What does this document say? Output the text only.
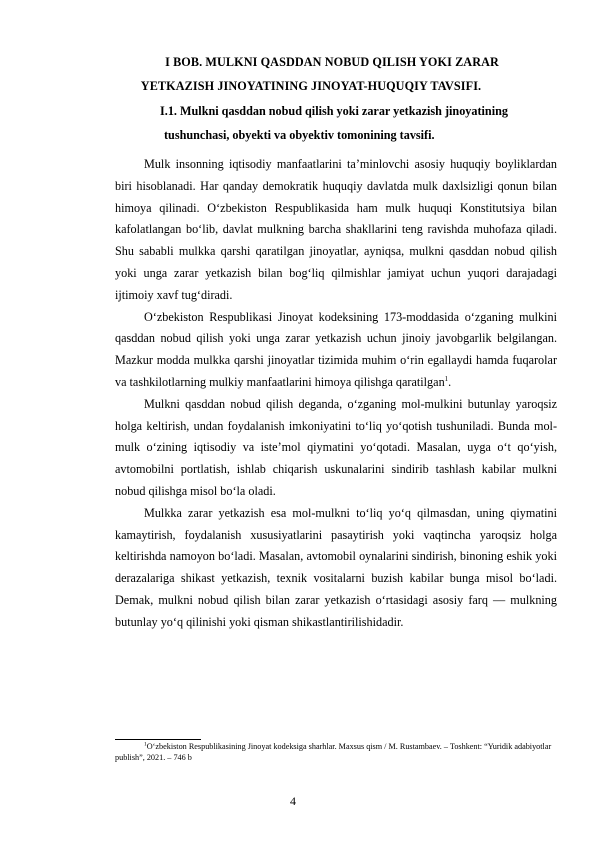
I BOB. MULKNI QASDDAN NOBUD QILISH YOKI ZARAR
YETKAZISH JINOYATINING JINOYAT-HUQUQIY TAVSIFI.
I.1. Mulkni qasddan nobud qilish yoki zarar yetkazish jinoyatining
tushunchasi, obyekti va obyektiv tomonining tavsifi.

Mulk insonning iqtisodiy manfaatlarini ta’minlovchi asosiy huquqiy boyliklardan biri hisoblanadi. Har qanday demokratik huquqiy davlatda mulk daxlsizligi qonun bilan himoya qilinadi. O‘zbekiston Respublikasida ham mulk huquqi Konstitutsiya bilan kafolatlangan bo‘lib, davlat mulkning barcha shakllarini teng ravishda muhofaza qiladi. Shu sababli mulkka qarshi qaratilgan jinoyatlar, ayniqsa, mulkni qasddan nobud qilish yoki unga zarar yetkazish bilan bog‘liq qilmishlar jamiyat uchun yuqori darajadagi ijtimoiy xavf tug‘diradi.

O‘zbekiston Respublikasi Jinoyat kodeksining 173-moddasida o‘zganing mulkini qasddan nobud qilish yoki unga zarar yetkazish uchun jinoiy javobgarlik belgilangan. Mazkur modda mulkka qarshi jinoyatlar tizimida muhim o‘rin egallaydi hamda fuqarolar va tashkilotlarning mulkiy manfaatlarini himoya qilishga qaratilgan$^1$.

Mulkni qasddan nobud qilish deganda, o‘zganing mol-mulkini butunlay yaroqsiz holga keltirish, undan foydalanish imkoniyatini to‘liq yo‘qotish tushuniladi. Bunda mol-mulk o‘zining iqtisodiy va iste’mol qiymatini yo‘qotadi. Masalan, uyga o‘t qo‘yish, avtomobilni portlatish, ishlab chiqarish uskunalarini sindirib tashlash kabilar mulkni nobud qilishga misol bo‘la oladi.

Mulkka zarar yetkazish esa mol-mulkni to‘liq yo‘q qilmasdan, uning qiymatini kamaytirish, foydalanish xususiyatlarini pasaytirish yoki vaqtincha yaroqsiz holga keltirishda namoyon bo‘ladi. Masalan, avtomobil oynalarini sindirish, binoning eshik yoki derazalariga shikast yetkazish, texnik vositalarni buzish kabilar bunga misol bo‘ladi. Demak, mulkni nobud qilish bilan zarar yetkazish o‘rtasidagi asosiy farq — mulkning butunlay yo‘q qilinishi yoki qisman shikastlantirilishidadir.

$^1$O‘zbekiston Respublikasining Jinoyat kodeksiga sharhlar. Maxsus qism / M. Rustambaev. – Toshkent: “Yuridik adabiyotlar publish”, 2021. – 746 b
4
